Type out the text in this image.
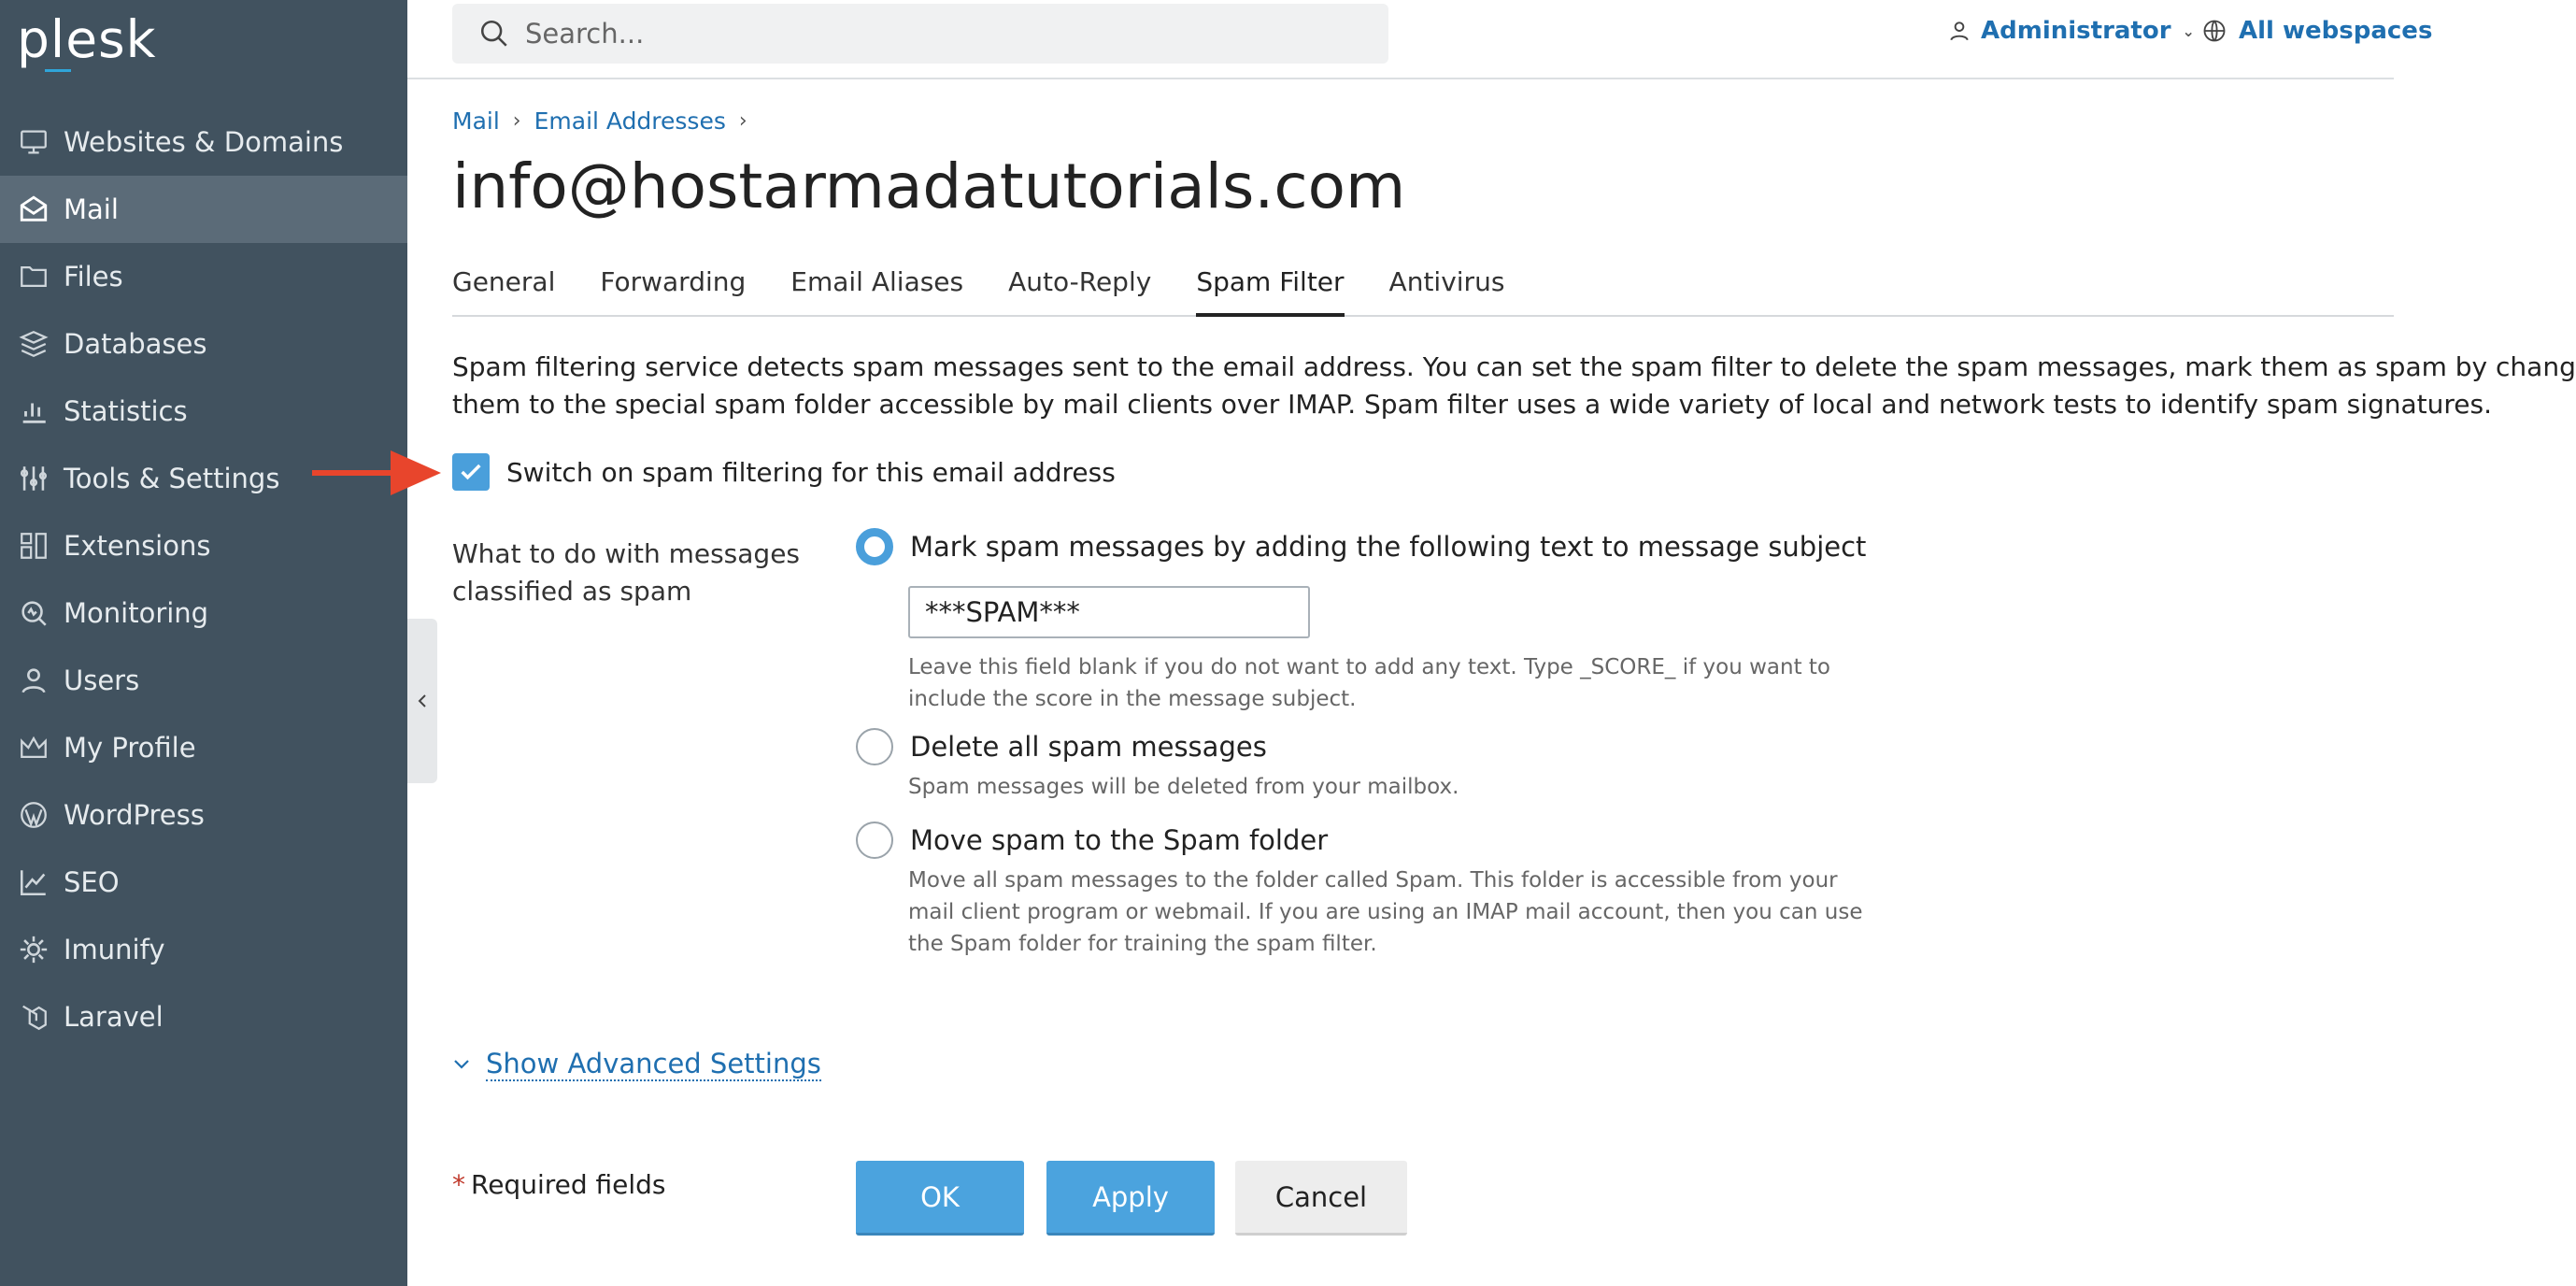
plesk
Websites & Domains
Mail
Files
Databases
Statistics
Tools & Settings
Extensions
Monitoring
Users
My Profile
WordPress
SEO
Imunify
Laravel
Search...
Administrator ⌄ All webspaces
Mail › Email Addresses ›
info@hostarmadatutorials.com
General Forwarding Email Aliases Auto-Reply Spam Filter Antivirus
Spam filtering service detects spam messages sent to the email address. You can set the spam filter to delete the spam messages, mark them as spam by chang
them to the special spam folder accessible by mail clients over IMAP. Spam filter uses a wide variety of local and network tests to identify spam signatures.
Switch on spam filtering for this email address
What to do with messages classified as spam
Mark spam messages by adding the following text to message subject
***SPAM***
Leave this field blank if you do not want to add any text. Type _SCORE_ if you want to include the score in the message subject.
Delete all spam messages
Spam messages will be deleted from your mailbox.
Move spam to the Spam folder
Move all spam messages to the folder called Spam. This folder is accessible from your mail client program or webmail. If you are using an IMAP mail account, then you can use the Spam folder for training the spam filter.
Show Advanced Settings
* Required fields	OK	Apply	Cancel
